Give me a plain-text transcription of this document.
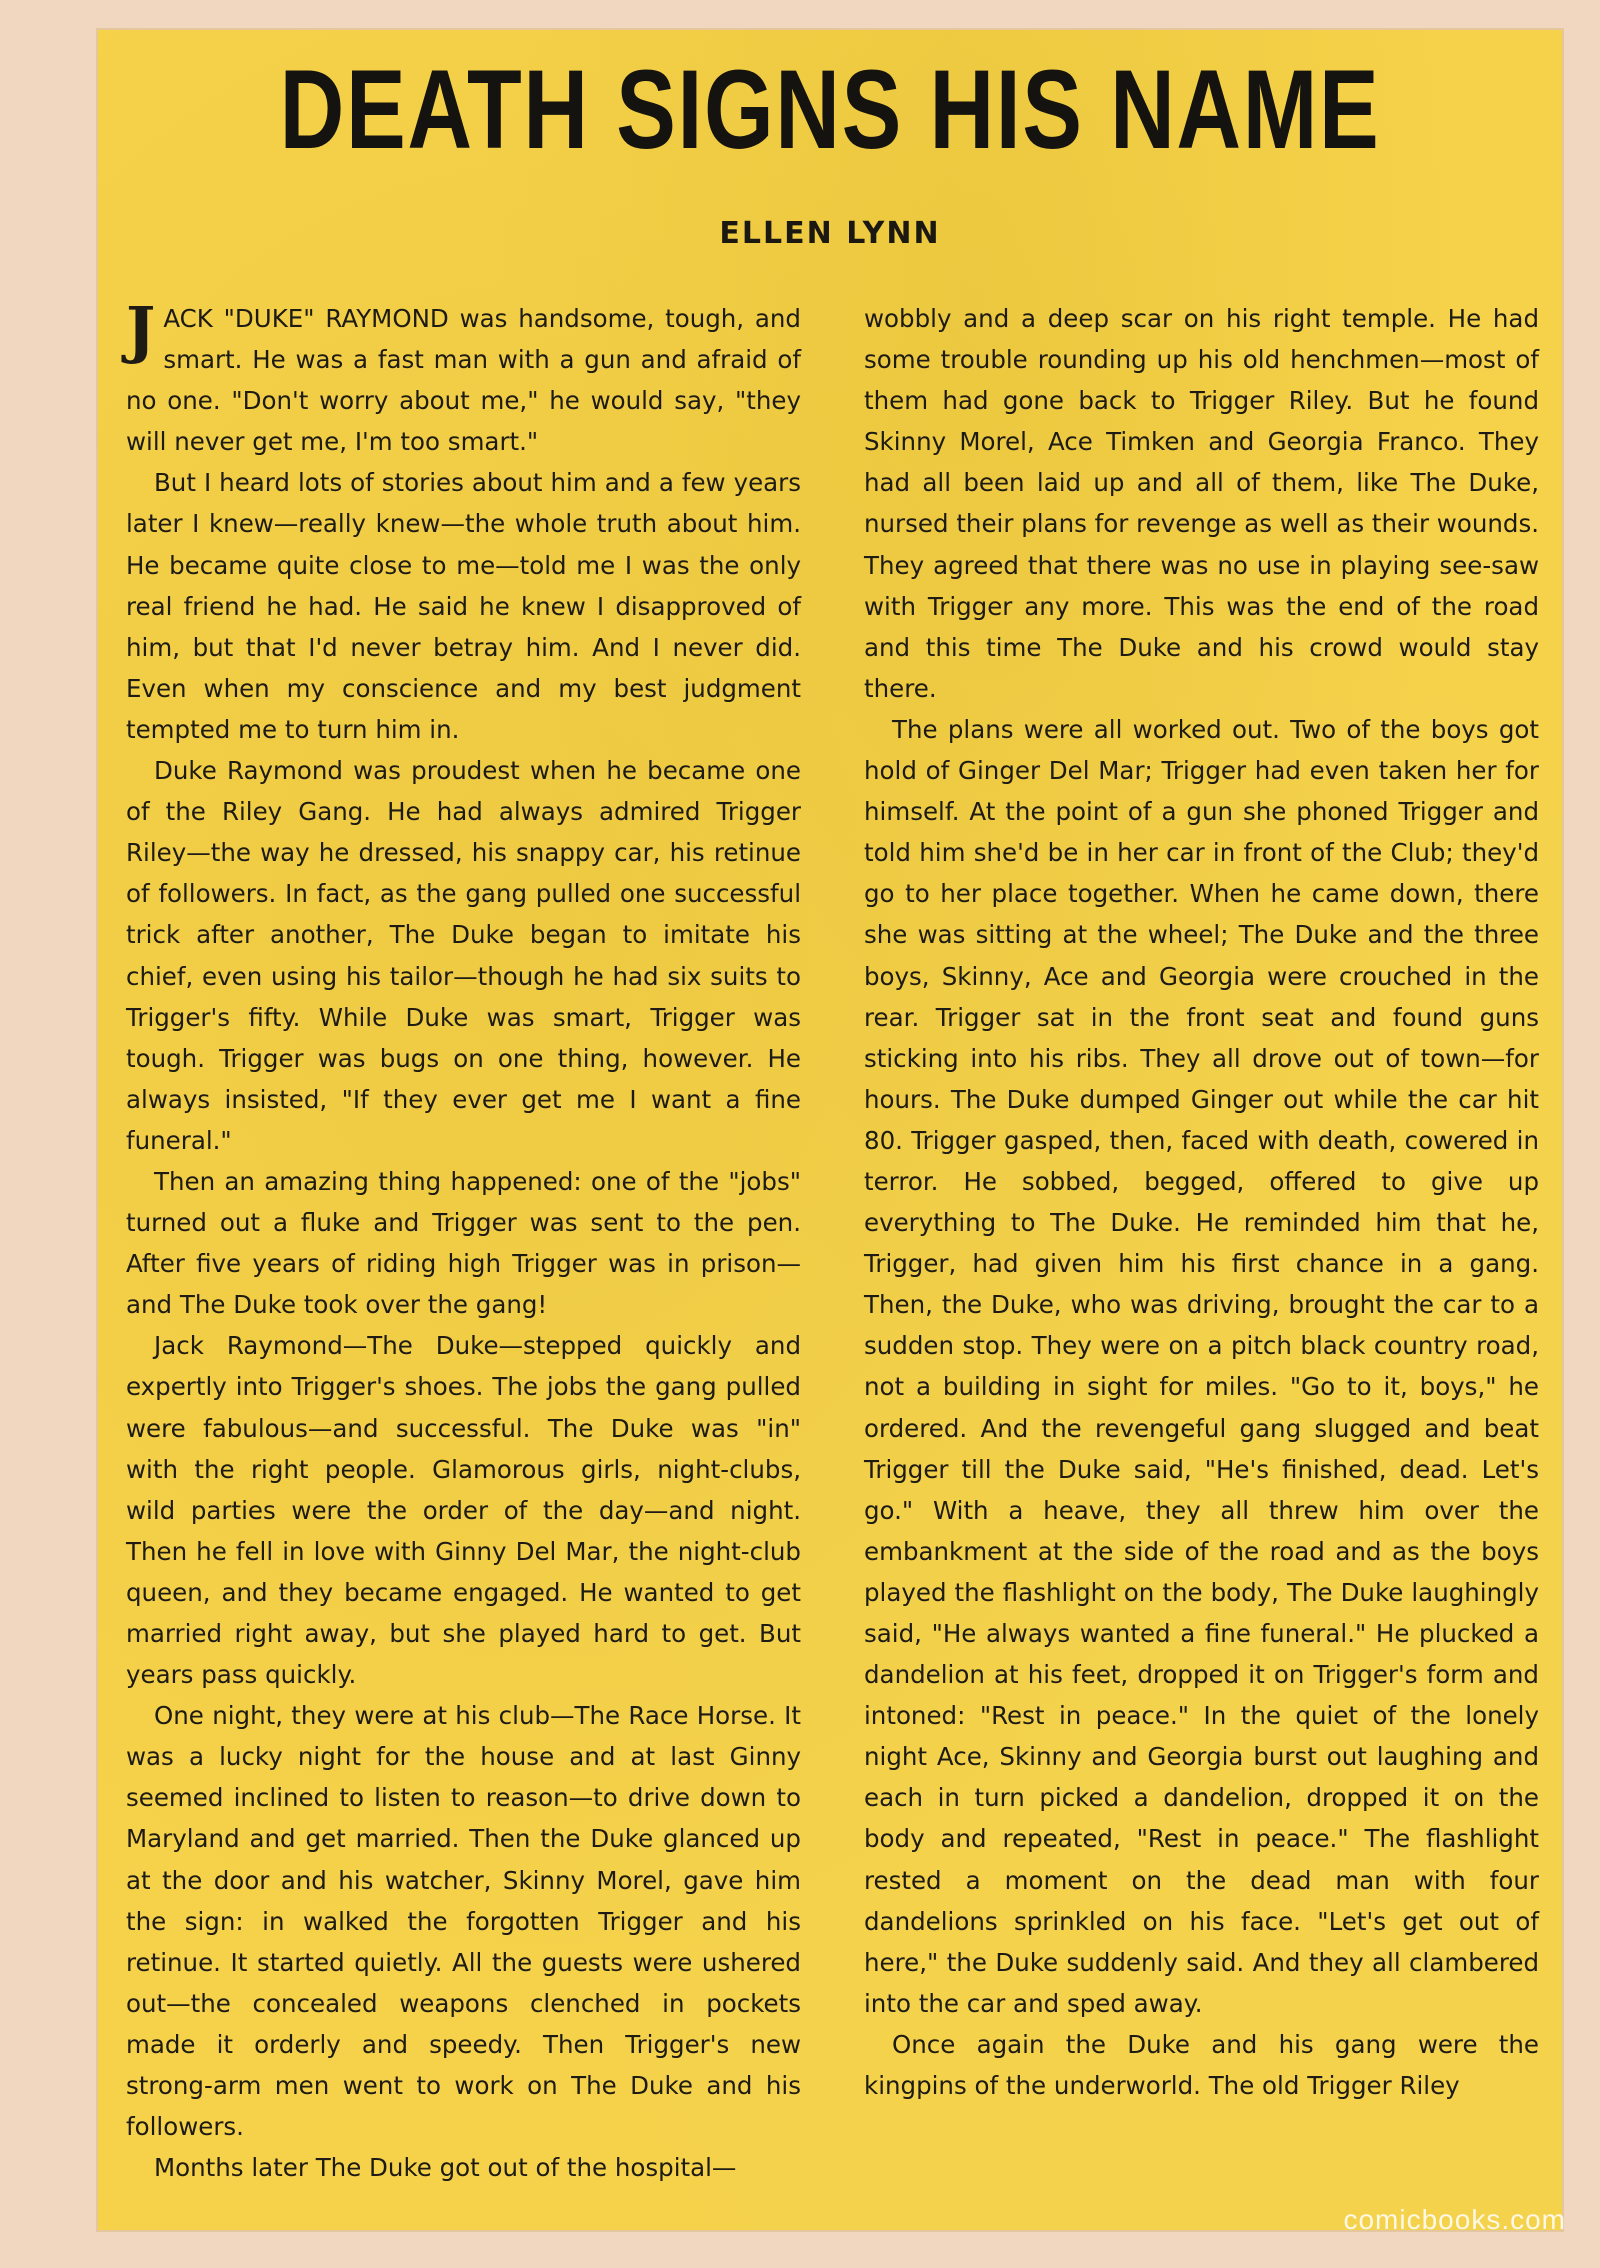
DEATH SIGNS HIS NAME
ELLEN LYNN

JACK "DUKE" RAYMOND was handsome, tough, and smart. He was a fast man with a gun and afraid of no one. "Don't worry about me," he would say, "they will never get me, I'm too smart."

But I heard lots of stories about him and a few years later I knew—really knew—the whole truth about him. He became quite close to me—told me I was the only real friend he had. He said he knew I disapproved of him, but that I'd never betray him. And I never did. Even when my conscience and my best judgment tempted me to turn him in.

Duke Raymond was proudest when he became one of the Riley Gang. He had always admired Trigger Riley—the way he dressed, his snappy car, his retinue of followers. In fact, as the gang pulled one successful trick after another, The Duke began to imitate his chief, even using his tailor—though he had six suits to Trigger's fifty. While Duke was smart, Trigger was tough. Trigger was bugs on one thing, however. He always insisted, "If they ever get me I want a fine funeral."

Then an amazing thing happened: one of the "jobs" turned out a fluke and Trigger was sent to the pen. After five years of riding high Trigger was in prison—and The Duke took over the gang!

Jack Raymond—The Duke—stepped quickly and expertly into Trigger's shoes. The jobs the gang pulled were fabulous—and successful. The Duke was "in" with the right people. Glamorous girls, night-clubs, wild parties were the order of the day—and night. Then he fell in love with Ginny Del Mar, the night-club queen, and they became engaged. He wanted to get married right away, but she played hard to get. But years pass quickly.

One night, they were at his club—The Race Horse. It was a lucky night for the house and at last Ginny seemed inclined to listen to reason—to drive down to Maryland and get married. Then the Duke glanced up at the door and his watcher, Skinny Morel, gave him the sign: in walked the forgotten Trigger and his retinue. It started quietly. All the guests were ushered out—the concealed weapons clenched in pockets made it orderly and speedy. Then Trigger's new strong-arm men went to work on The Duke and his followers.

Months later The Duke got out of the hospital—

wobbly and a deep scar on his right temple. He had some trouble rounding up his old henchmen—most of them had gone back to Trigger Riley. But he found Skinny Morel, Ace Timken and Georgia Franco. They had all been laid up and all of them, like The Duke, nursed their plans for revenge as well as their wounds. They agreed that there was no use in playing see-saw with Trigger any more. This was the end of the road and this time The Duke and his crowd would stay there.

The plans were all worked out. Two of the boys got hold of Ginger Del Mar; Trigger had even taken her for himself. At the point of a gun she phoned Trigger and told him she'd be in her car in front of the Club; they'd go to her place together. When he came down, there she was sitting at the wheel; The Duke and the three boys, Skinny, Ace and Georgia were crouched in the rear. Trigger sat in the front seat and found guns sticking into his ribs. They all drove out of town—for hours. The Duke dumped Ginger out while the car hit 80. Trigger gasped, then, faced with death, cowered in terror. He sobbed, begged, offered to give up everything to The Duke. He reminded him that he, Trigger, had given him his first chance in a gang. Then, the Duke, who was driving, brought the car to a sudden stop. They were on a pitch black country road, not a building in sight for miles. "Go to it, boys," he ordered. And the revengeful gang slugged and beat Trigger till the Duke said, "He's finished, dead. Let's go." With a heave, they all threw him over the embankment at the side of the road and as the boys played the flashlight on the body, The Duke laughingly said, "He always wanted a fine funeral." He plucked a dandelion at his feet, dropped it on Trigger's form and intoned: "Rest in peace." In the quiet of the lonely night Ace, Skinny and Georgia burst out laughing and each in turn picked a dandelion, dropped it on the body and repeated, "Rest in peace." The flashlight rested a moment on the dead man with four dandelions sprinkled on his face. "Let's get out of here," the Duke suddenly said. And they all clambered into the car and sped away.

Once again the Duke and his gang were the kingpins of the underworld. The old Trigger Riley

comicbooks.com
